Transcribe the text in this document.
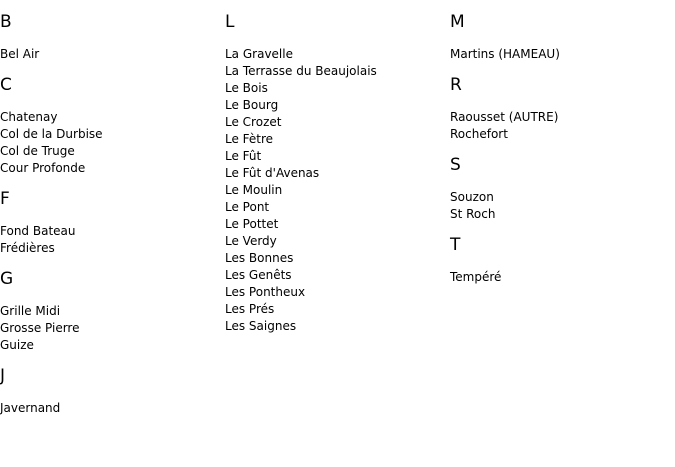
B
Bel Air
C
Chatenay
Col de la Durbise
Col de Truge
Cour Profonde
F
Fond Bateau
Frédières
G
Grille Midi
Grosse Pierre
Guize
J
Javernand
L
La Gravelle
La Terrasse du Beaujolais
Le Bois
Le Bourg
Le Crozet
Le Fètre
Le Fût
Le Fût d'Avenas
Le Moulin
Le Pont
Le Pottet
Le Verdy
Les Bonnes
Les Genêts
Les Pontheux
Les Prés
Les Saignes
M
Martins (HAMEAU)
R
Raousset (AUTRE)
Rochefort
S
Souzon
St Roch
T
Tempéré
